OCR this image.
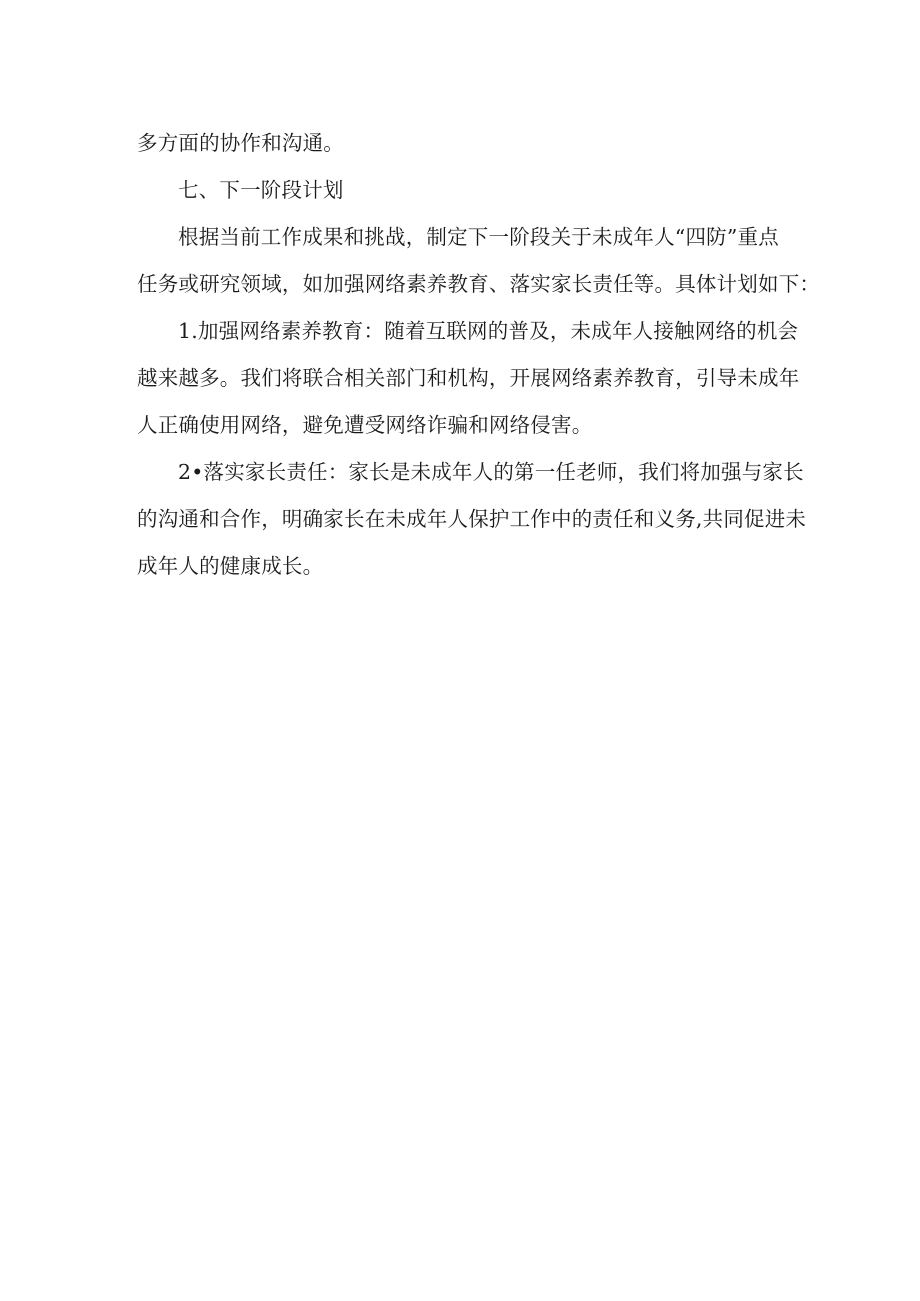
多方面的协作和沟通。
七、下一阶段计划
根据当前工作成果和挑战，制定下一阶段关于未成年人“四防”重点
任务或研究领域，如加强网络素养教育、落实家长责任等。具体计划如下：
1.加强网络素养教育：随着互联网的普及，未成年人接触网络的机会
越来越多。我们将联合相关部门和机构，开展网络素养教育，引导未成年
人正确使用网络，避免遭受网络诈骗和网络侵害。
2•落实家长责任：家长是未成年人的第一任老师，我们将加强与家长
的沟通和合作，明确家长在未成年人保护工作中的责任和义务,共同促进未
成年人的健康成长。
